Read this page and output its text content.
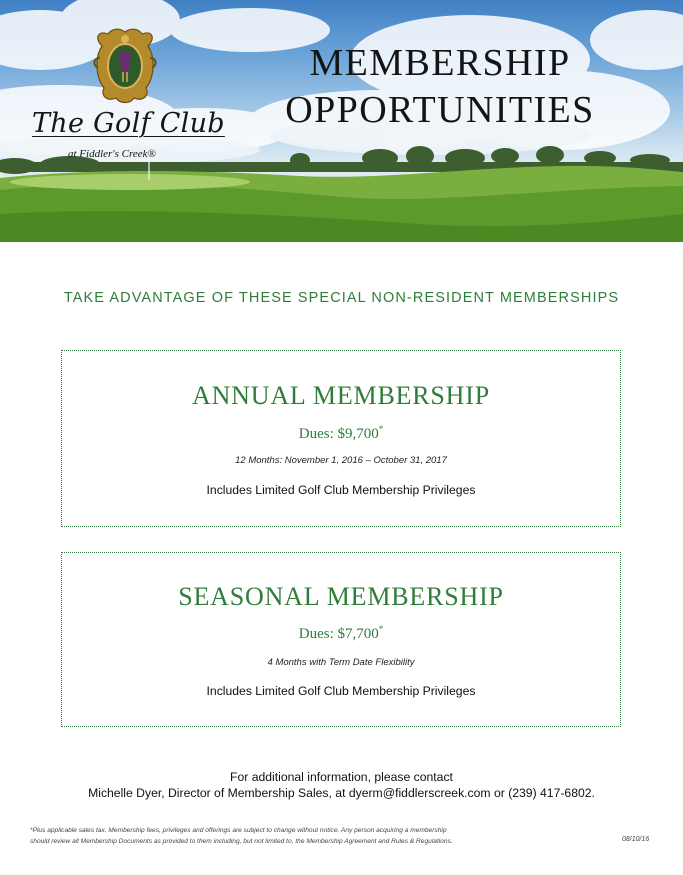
The Golf Club
at Fiddler's Creek®
MEMBERSHIP
OPPORTUNITIES
TAKE ADVANTAGE OF THESE SPECIAL NON-RESIDENT MEMBERSHIPS
ANNUAL MEMBERSHIP
Dues: $9,700*
12 Months: November 1, 2016 – October 31, 2017
Includes Limited Golf Club Membership Privileges
SEASONAL MEMBERSHIP
Dues: $7,700*
4 Months with Term Date Flexibility
Includes Limited Golf Club Membership Privileges
For additional information, please contact
Michelle Dyer, Director of Membership Sales, at dyerm@fiddlerscreek.com or (239) 417-6802.
*Plus applicable sales tax. Membership fees, privileges and offerings are subject to change without notice. Any person acquiring a membership
should review all Membership Documents as provided to them including, but not limited to, the Membership Agreement and Rules & Regulations.	08/10/16
